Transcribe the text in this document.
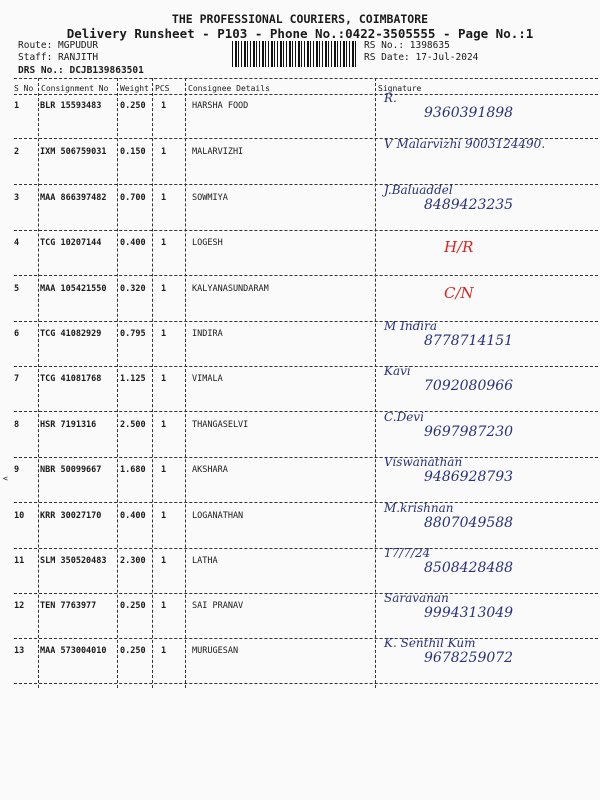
THE PROFESSIONAL COURIERS, COIMBATORE
Delivery Runsheet - P103 - Phone No.:0422-3505555 - Page No.:1
Route: MGPUDUR
Staff: RANJITH
DRS No.: DCJB139863501
RS No.: 1398635
RS Date: 17-Jul-2024
S No Consignment No Weight PCS Consignee Details	Signature
1 BLR 15593483 0.250 1	HARSHA FOOD
R.
9360391898
2 IXM 506759031 0.150 1	MALARVIZHI
V Malarvizhi 9003124490.
3 MAA 866397482 0.700 1	SOWMIYA
J.Baluaddel
8489423235
4 TCG 10207144 0.400 1	LOGESH	H/R
5 MAA 105421550 0.320 1	KALYANASUNDARAM	C/N
6 TCG 41082929 0.795 1	INDIRA
M Indira
8778714151
7 TCG 41081768 1.125 1	VIMALA
Kavi
7092080966
8 HSR 7191316	2.500 1	THANGASELVI
C.Devi
9697987230
9 NBR 50099667 1.680 1	AKSHARA
Viswanathan
9486928793
10 KRR 30027170 0.400 1	LOGANATHAN
M.krishnan
8807049588
11 SLM 350520483 2.300 1	LATHA
17/7/24
8508428488
12 TEN 7763977	0.250 1	SAI PRANAV
Saravanan
9994313049
13 MAA 573004010 0.250 1	MURUGESAN
K. Senthil Kum
9678259072
<
